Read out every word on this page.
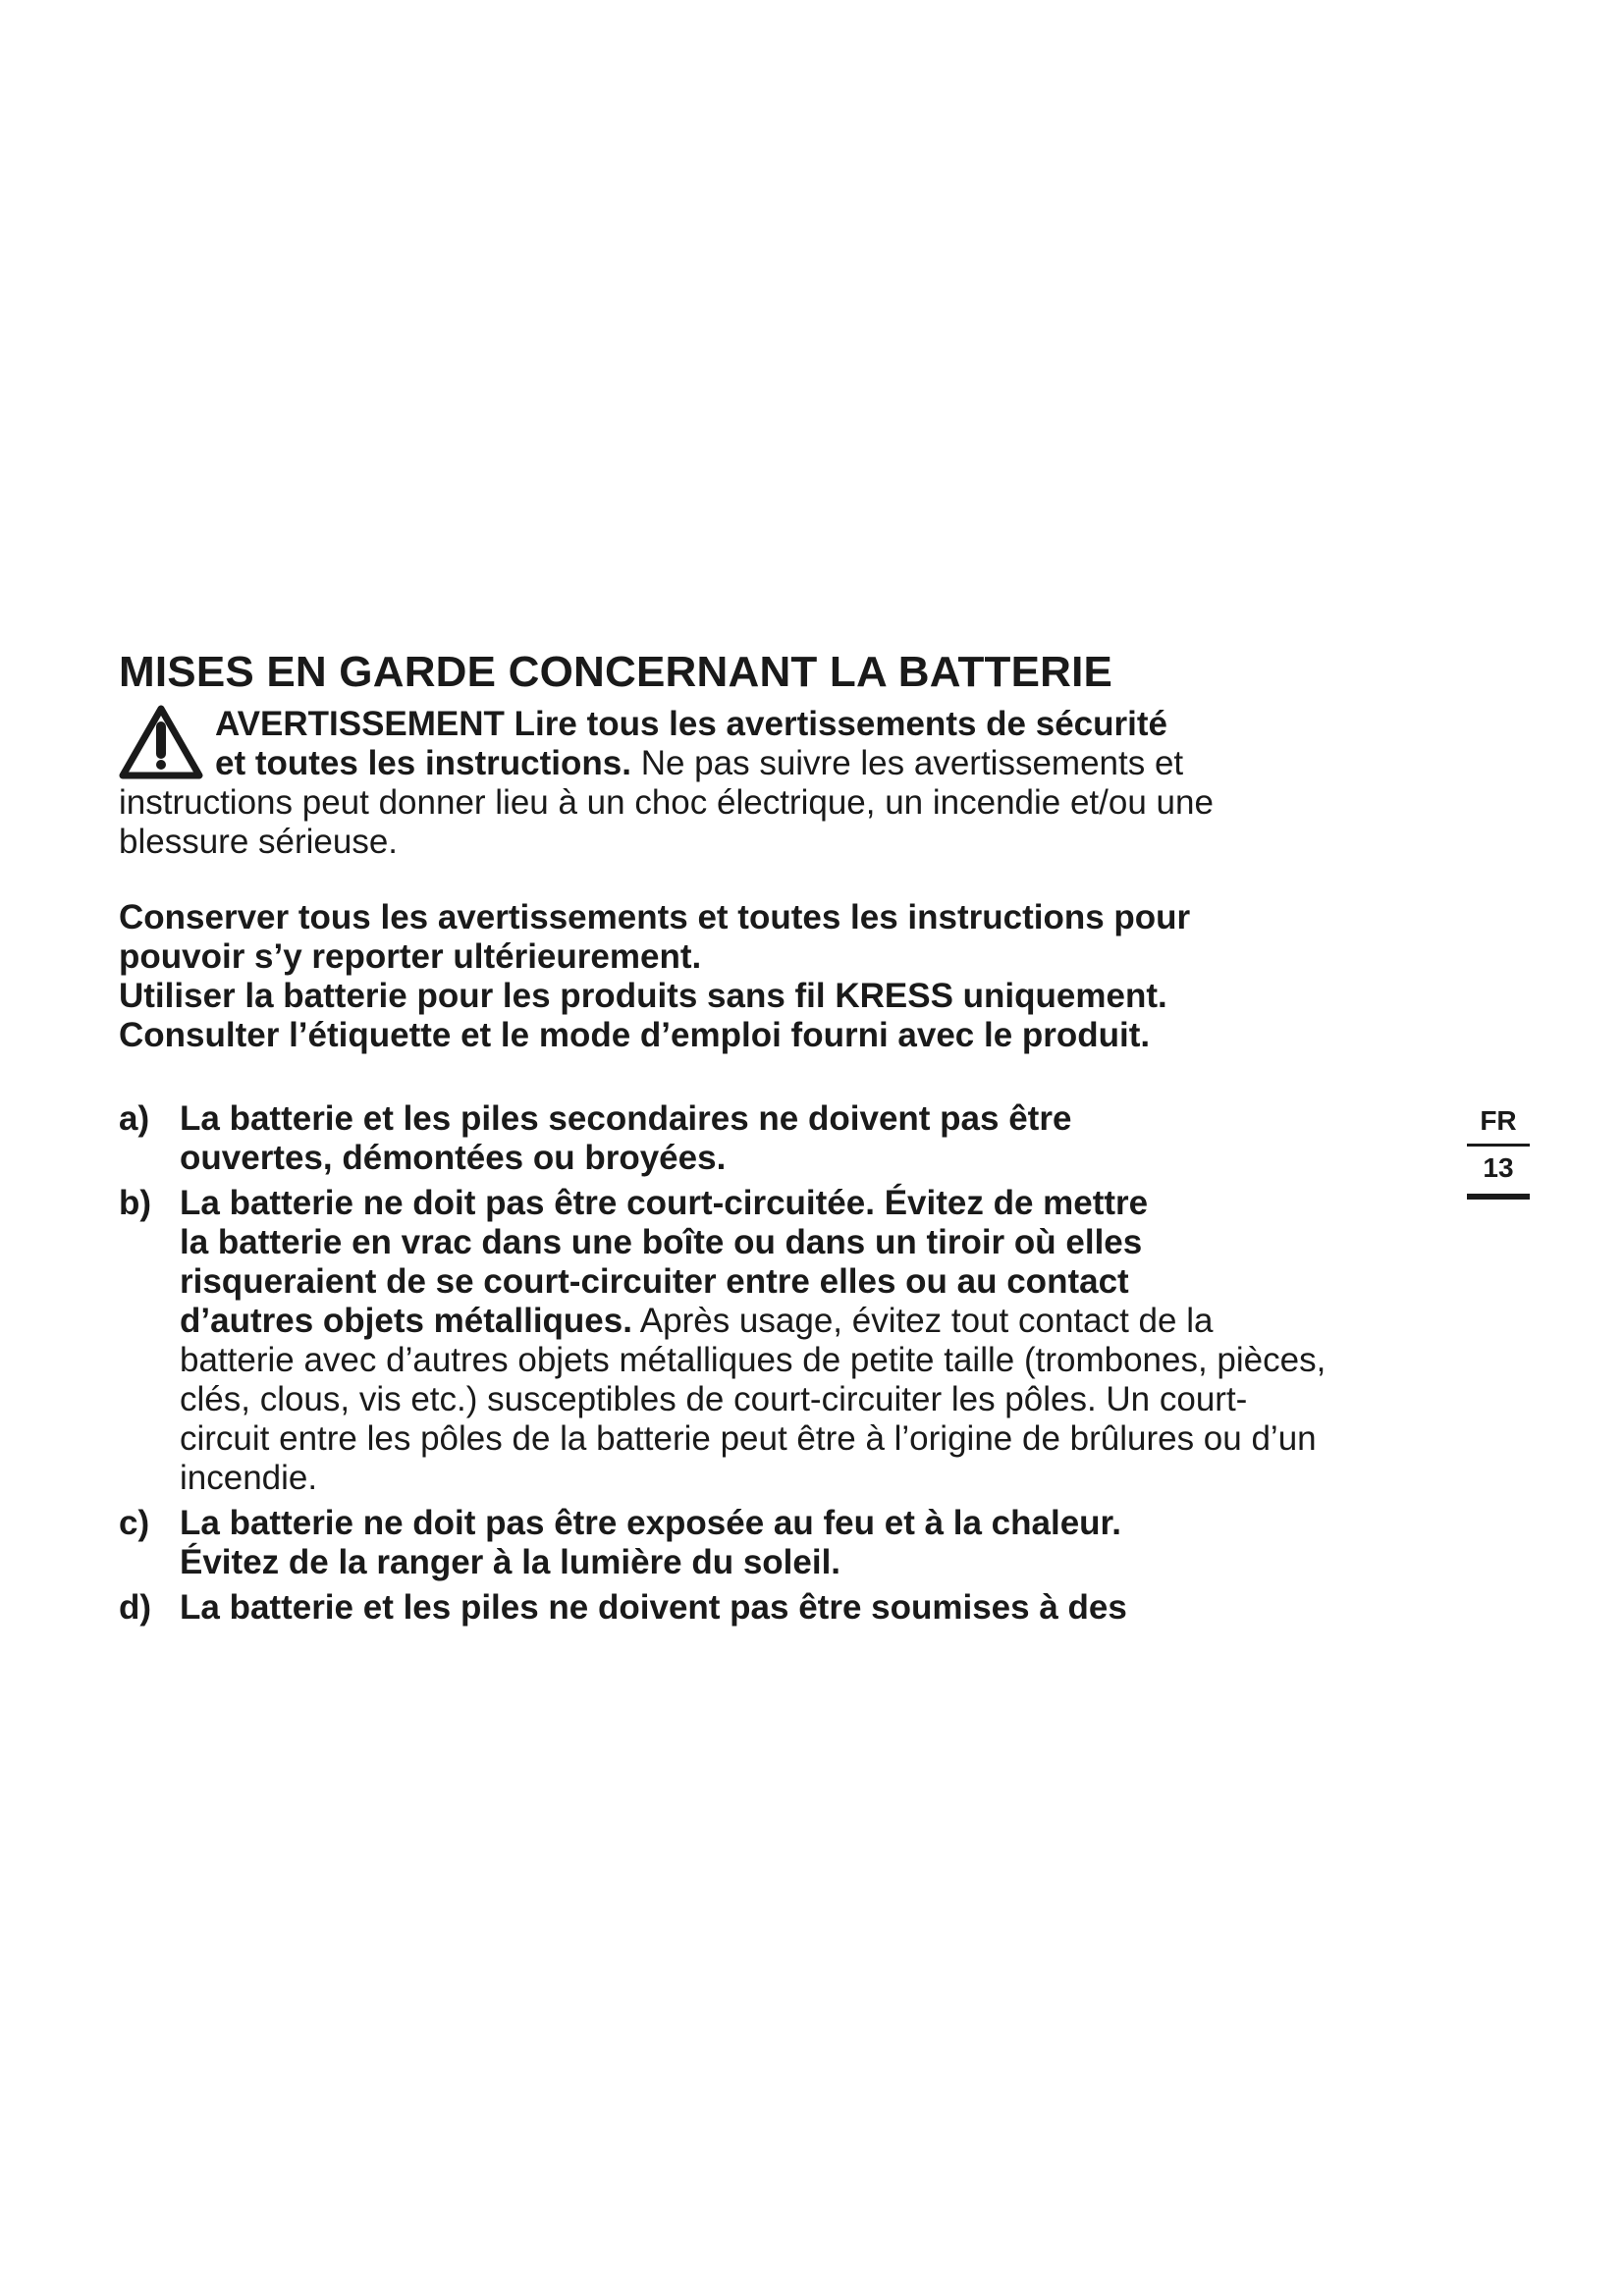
MISES EN GARDE CONCERNANT LA BATTERIE
AVERTISSEMENT Lire tous les avertissements de sécurité
et toutes les instructions. Ne pas suivre les avertissements et
instructions peut donner lieu à un choc électrique, un incendie et/ou une
blessure sérieuse.
Conserver tous les avertissements et toutes les instructions pour
pouvoir s’y reporter ultérieurement.
Utiliser la batterie pour les produits sans fil KRESS uniquement.
Consulter l’étiquette et le mode d’emploi fourni avec le produit.
a) La batterie et les piles secondaires ne doivent pas être
ouvertes, démontées ou broyées.
b) La batterie ne doit pas être court-circuitée. Évitez de mettre
la batterie en vrac dans une boîte ou dans un tiroir où elles
risqueraient de se court-circuiter entre elles ou au contact
d’autres objets métalliques. Après usage, évitez tout contact de la
batterie avec d’autres objets métalliques de petite taille (trombones, pièces,
clés, clous, vis etc.) susceptibles de court-circuiter les pôles. Un court-
circuit entre les pôles de la batterie peut être à l’origine de brûlures ou d’un
incendie.
c) La batterie ne doit pas être exposée au feu et à la chaleur.
Évitez de la ranger à la lumière du soleil.
d) La batterie et les piles ne doivent pas être soumises à des
FR
13
